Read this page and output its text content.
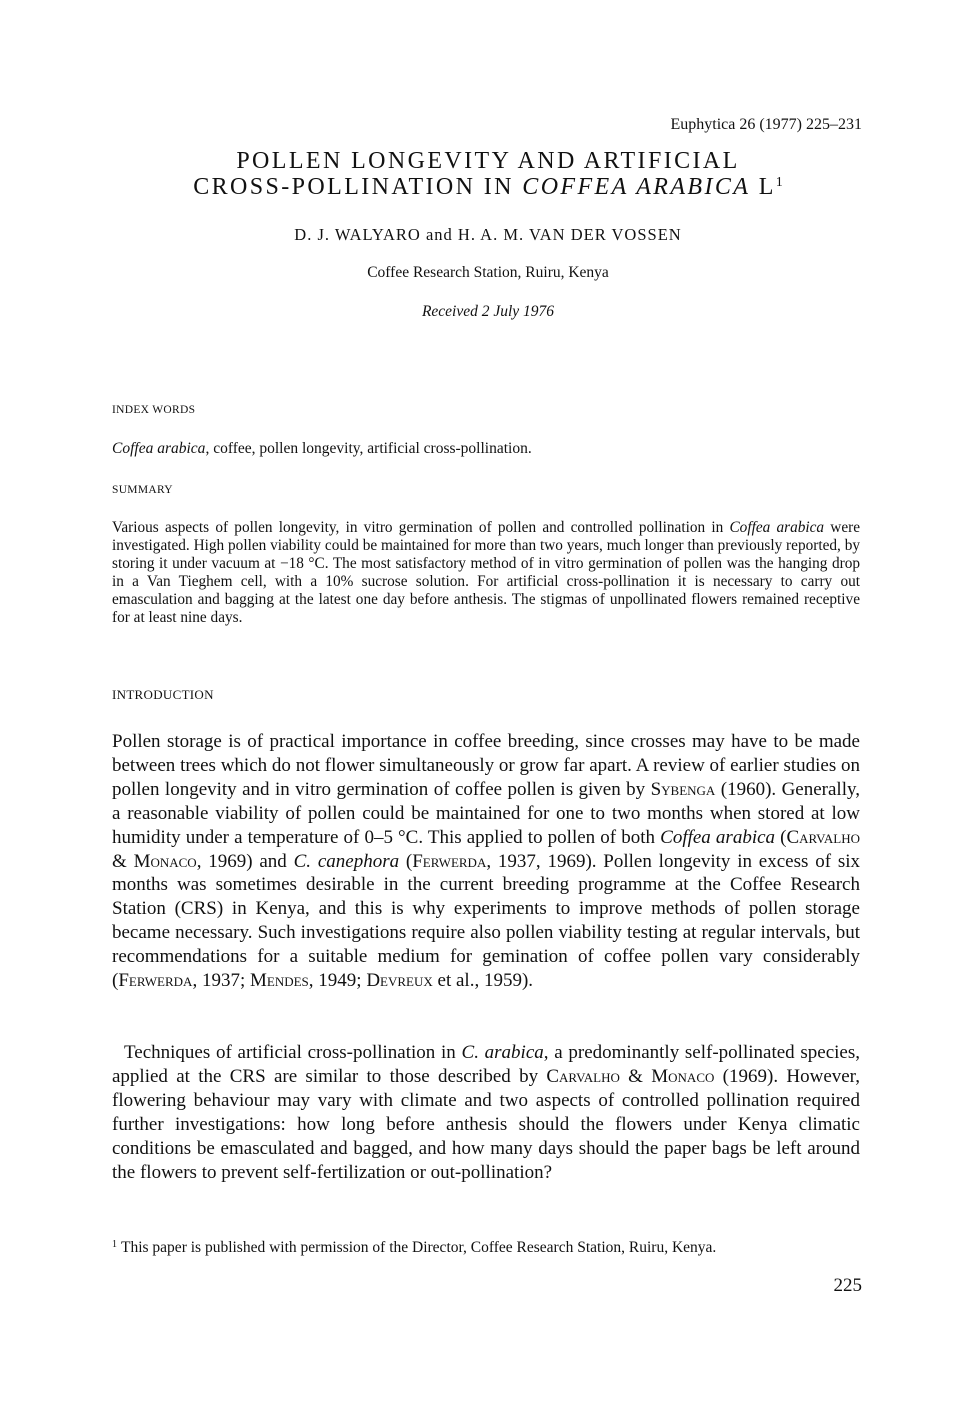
Euphytica 26 (1977) 225–231
POLLEN LONGEVITY AND ARTIFICIAL
CROSS-POLLINATION IN COFFEA ARABICA $L^1$
D. J. WALYARO and H. A. M. VAN DER VOSSEN
Coffee Research Station, Ruiru, Kenya
Received 2 July 1976
INDEX WORDS
Coffea arabica, coffee, pollen longevity, artificial cross-pollination.
SUMMARY
Various aspects of pollen longevity, in vitro germination of pollen and controlled pollination in Coffea arabica were investigated. High pollen viability could be maintained for more than two years, much longer than previously reported, by storing it under vacuum at −18 °C. The most satisfactory method of in vitro germination of pollen was the hanging drop in a Van Tieghem cell, with a 10% sucrose solution. For artificial cross-pollination it is necessary to carry out emasculation and bagging at the latest one day before anthesis. The stigmas of unpollinated flowers remained receptive for at least nine days.
INTRODUCTION
Pollen storage is of practical importance in coffee breeding, since crosses may have to be made between trees which do not flower simultaneously or grow far apart. A review of earlier studies on pollen longevity and in vitro germination of coffee pollen is given by Sybenga (1960). Generally, a reasonable viability of pollen could be maintained for one to two months when stored at low humidity under a temperature of 0–5 °C. This applied to pollen of both Coffea arabica (Carvalho & Monaco, 1969) and C. canephora (Ferwerda, 1937, 1969). Pollen longevity in excess of six months was sometimes desirable in the current breeding programme at the Coffee Research Station (CRS) in Kenya, and this is why experiments to improve methods of pollen storage became necessary. Such investigations require also pollen viability testing at regular intervals, but recommendations for a suitable medium for gemination of coffee pollen vary considerably (Ferwerda, 1937; Mendes, 1949; Devreux et al., 1959).
Techniques of artificial cross-pollination in C. arabica, a predominantly self-pollinated species, applied at the CRS are similar to those described by Carvalho & Monaco (1969). However, flowering behaviour may vary with climate and two aspects of controlled pollination required further investigations: how long before anthesis should the flowers under Kenya climatic conditions be emasculated and bagged, and how many days should the paper bags be left around the flowers to prevent self-fertilization or out-pollination?
$^1$ This paper is published with permission of the Director, Coffee Research Station, Ruiru, Kenya.
225
